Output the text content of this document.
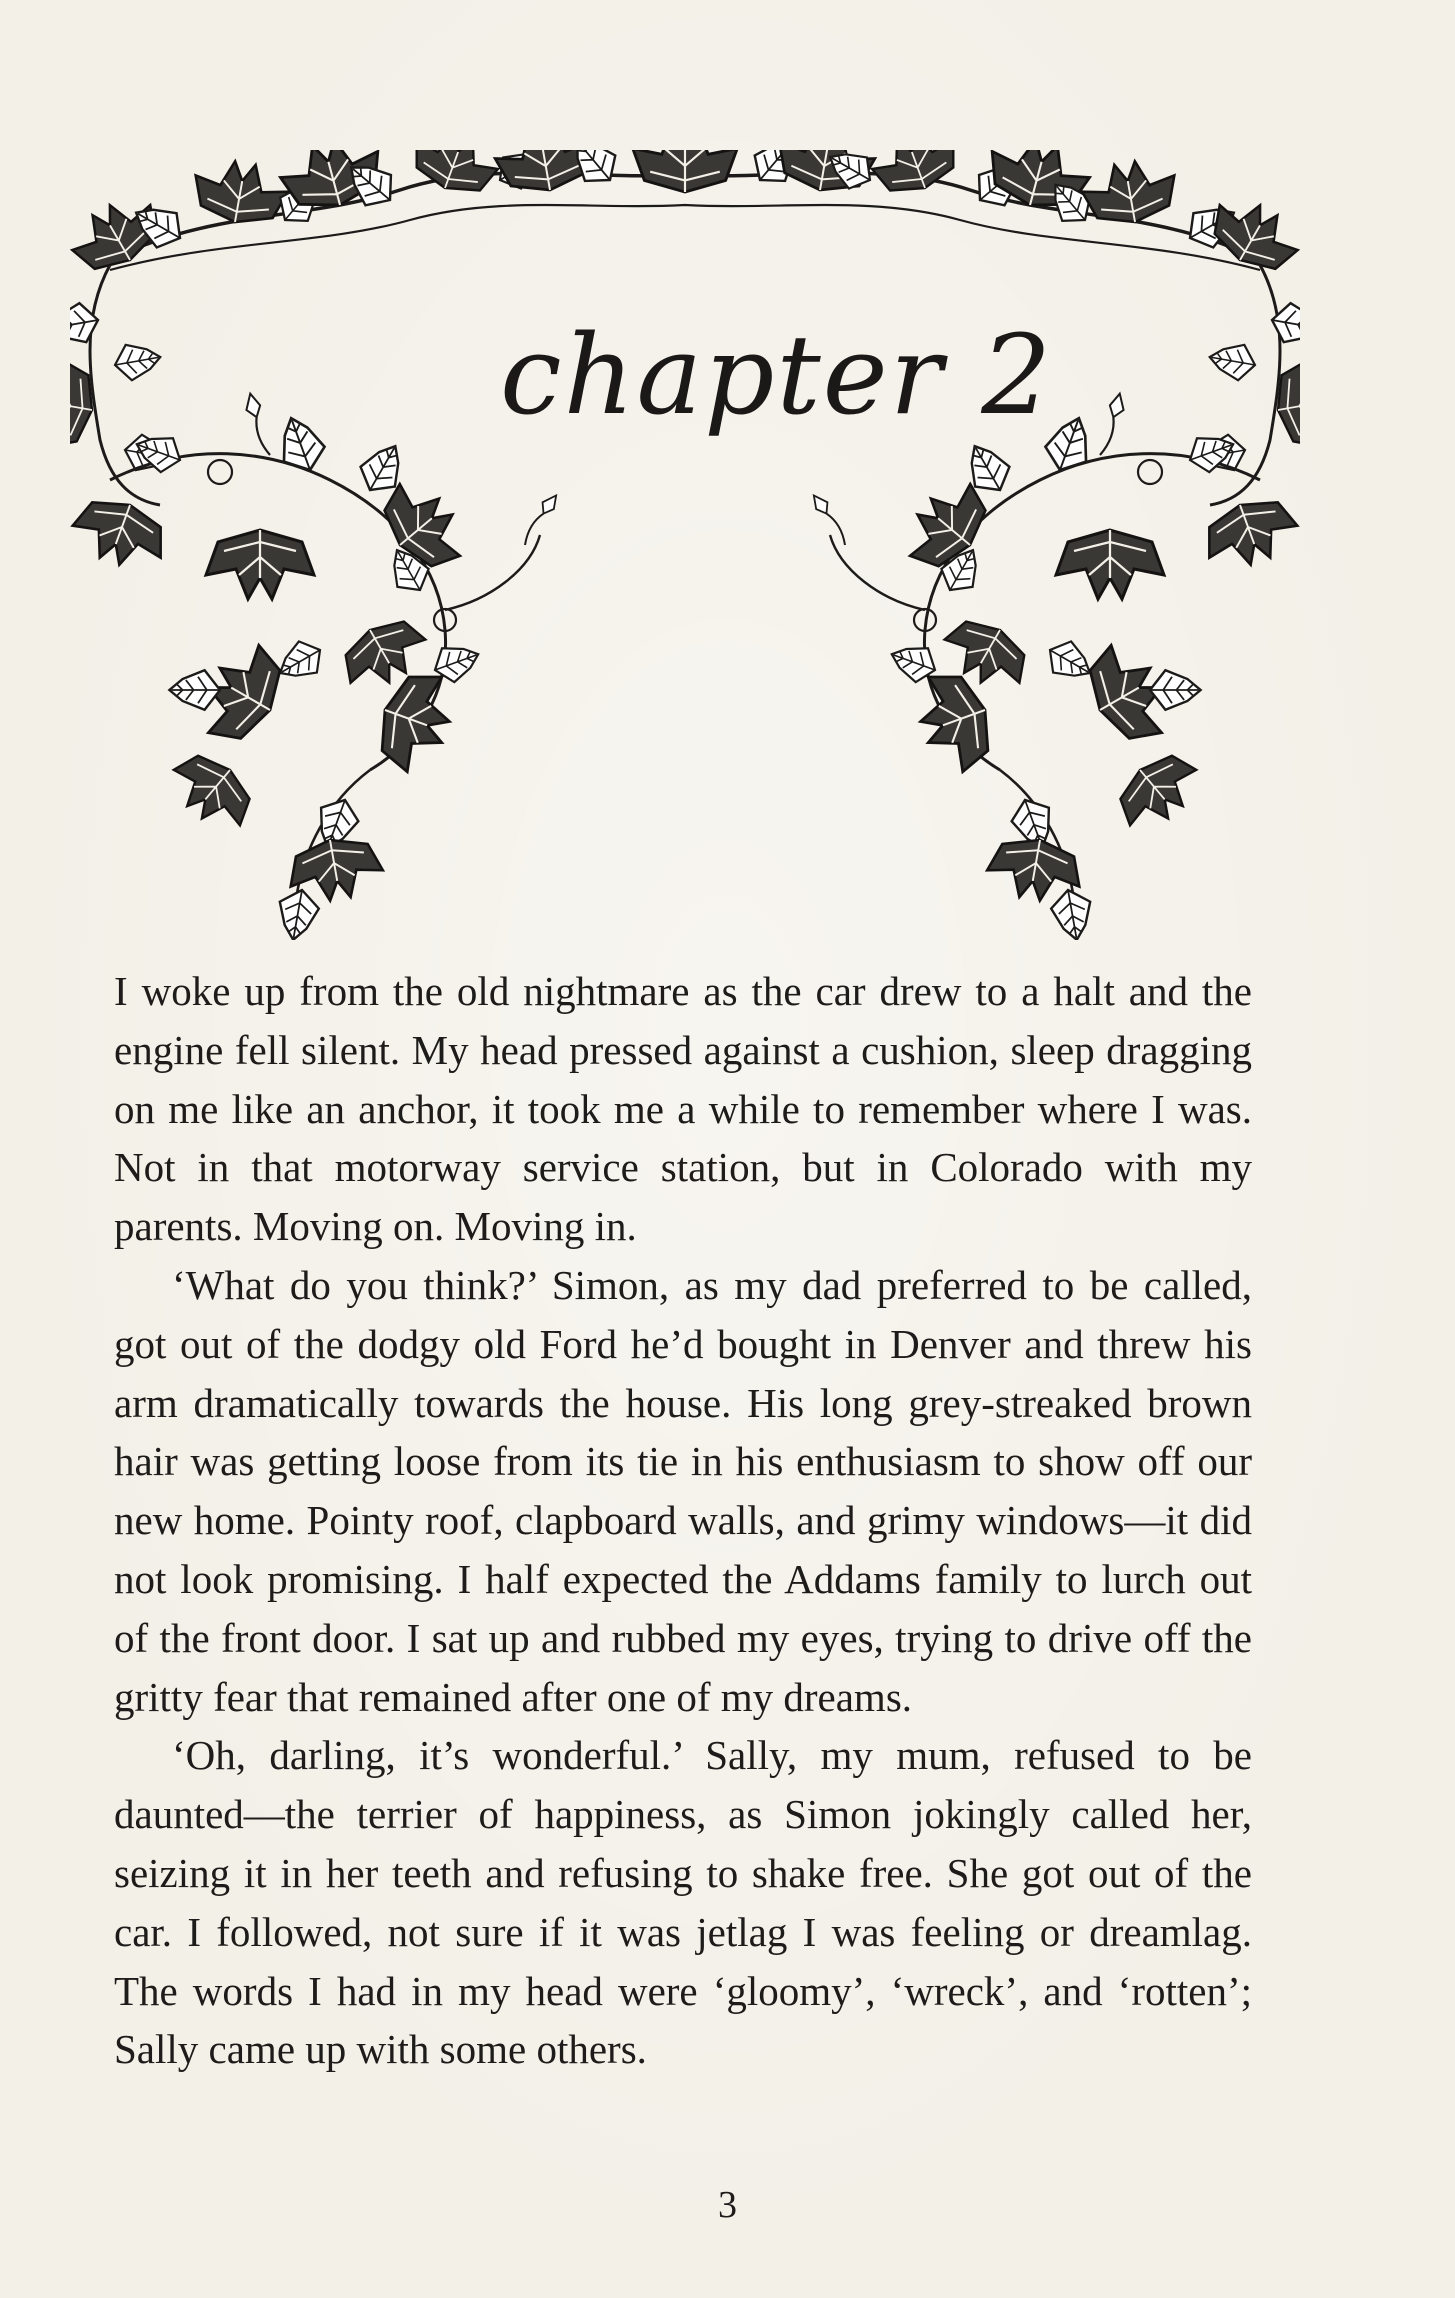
chapter 2

I woke up from the old nightmare as the car drew to a halt and the engine fell silent. My head pressed against a cushion, sleep dragging on me like an anchor, it took me a while to remember where I was. Not in that motorway service station, but in Colorado with my parents. Moving on. Moving in.

‘What do you think?’ Simon, as my dad preferred to be called, got out of the dodgy old Ford he’d bought in Denver and threw his arm dramatically towards the house. His long grey-streaked brown hair was getting loose from its tie in his enthusiasm to show off our new home. Pointy roof, clapboard walls, and grimy windows—it did not look promising. I half expected the Addams family to lurch out of the front door. I sat up and rubbed my eyes, trying to drive off the gritty fear that remained after one of my dreams.

‘Oh, darling, it’s wonderful.’ Sally, my mum, refused to be daunted—the terrier of happiness, as Simon jokingly called her, seizing it in her teeth and refusing to shake free. She got out of the car. I followed, not sure if it was jetlag I was feeling or dreamlag. The words I had in my head were ‘gloomy’, ‘wreck’, and ‘rotten’; Sally came up with some others.

3
